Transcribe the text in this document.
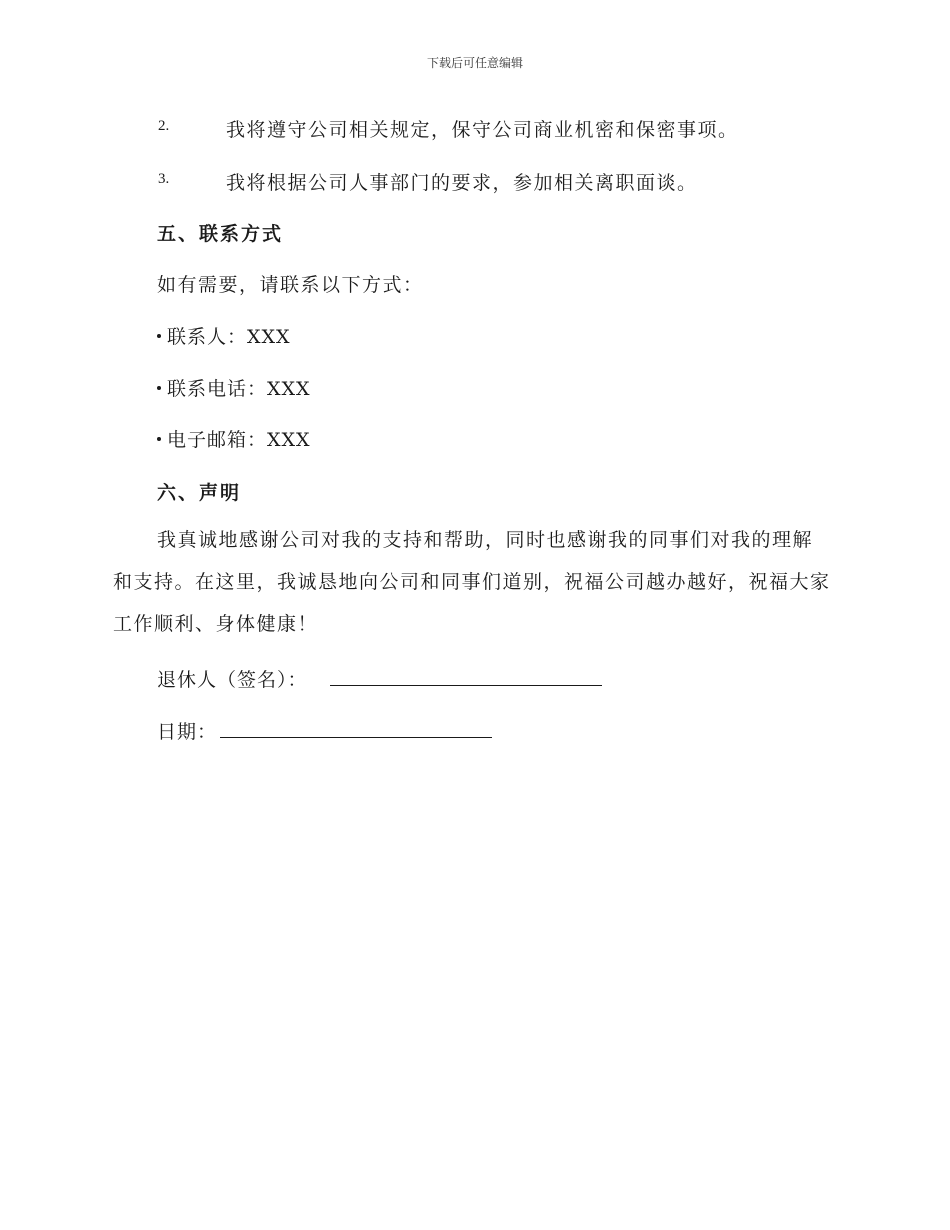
下载后可任意编辑
2.	我将遵守公司相关规定，保守公司商业机密和保密事项。
3.	我将根据公司人事部门的要求，参加相关离职面谈。
五、联系方式
如有需要，请联系以下方式：
联系人：XXX
联系电话：XXX
电子邮箱：XXX
六、声明
我真诚地感谢公司对我的支持和帮助，同时也感谢我的同事们对我的理解和支持。在这里，我诚恳地向公司和同事们道别，祝福公司越办越好，祝福大家工作顺利、身体健康！
退休人（签名）：
日期：
